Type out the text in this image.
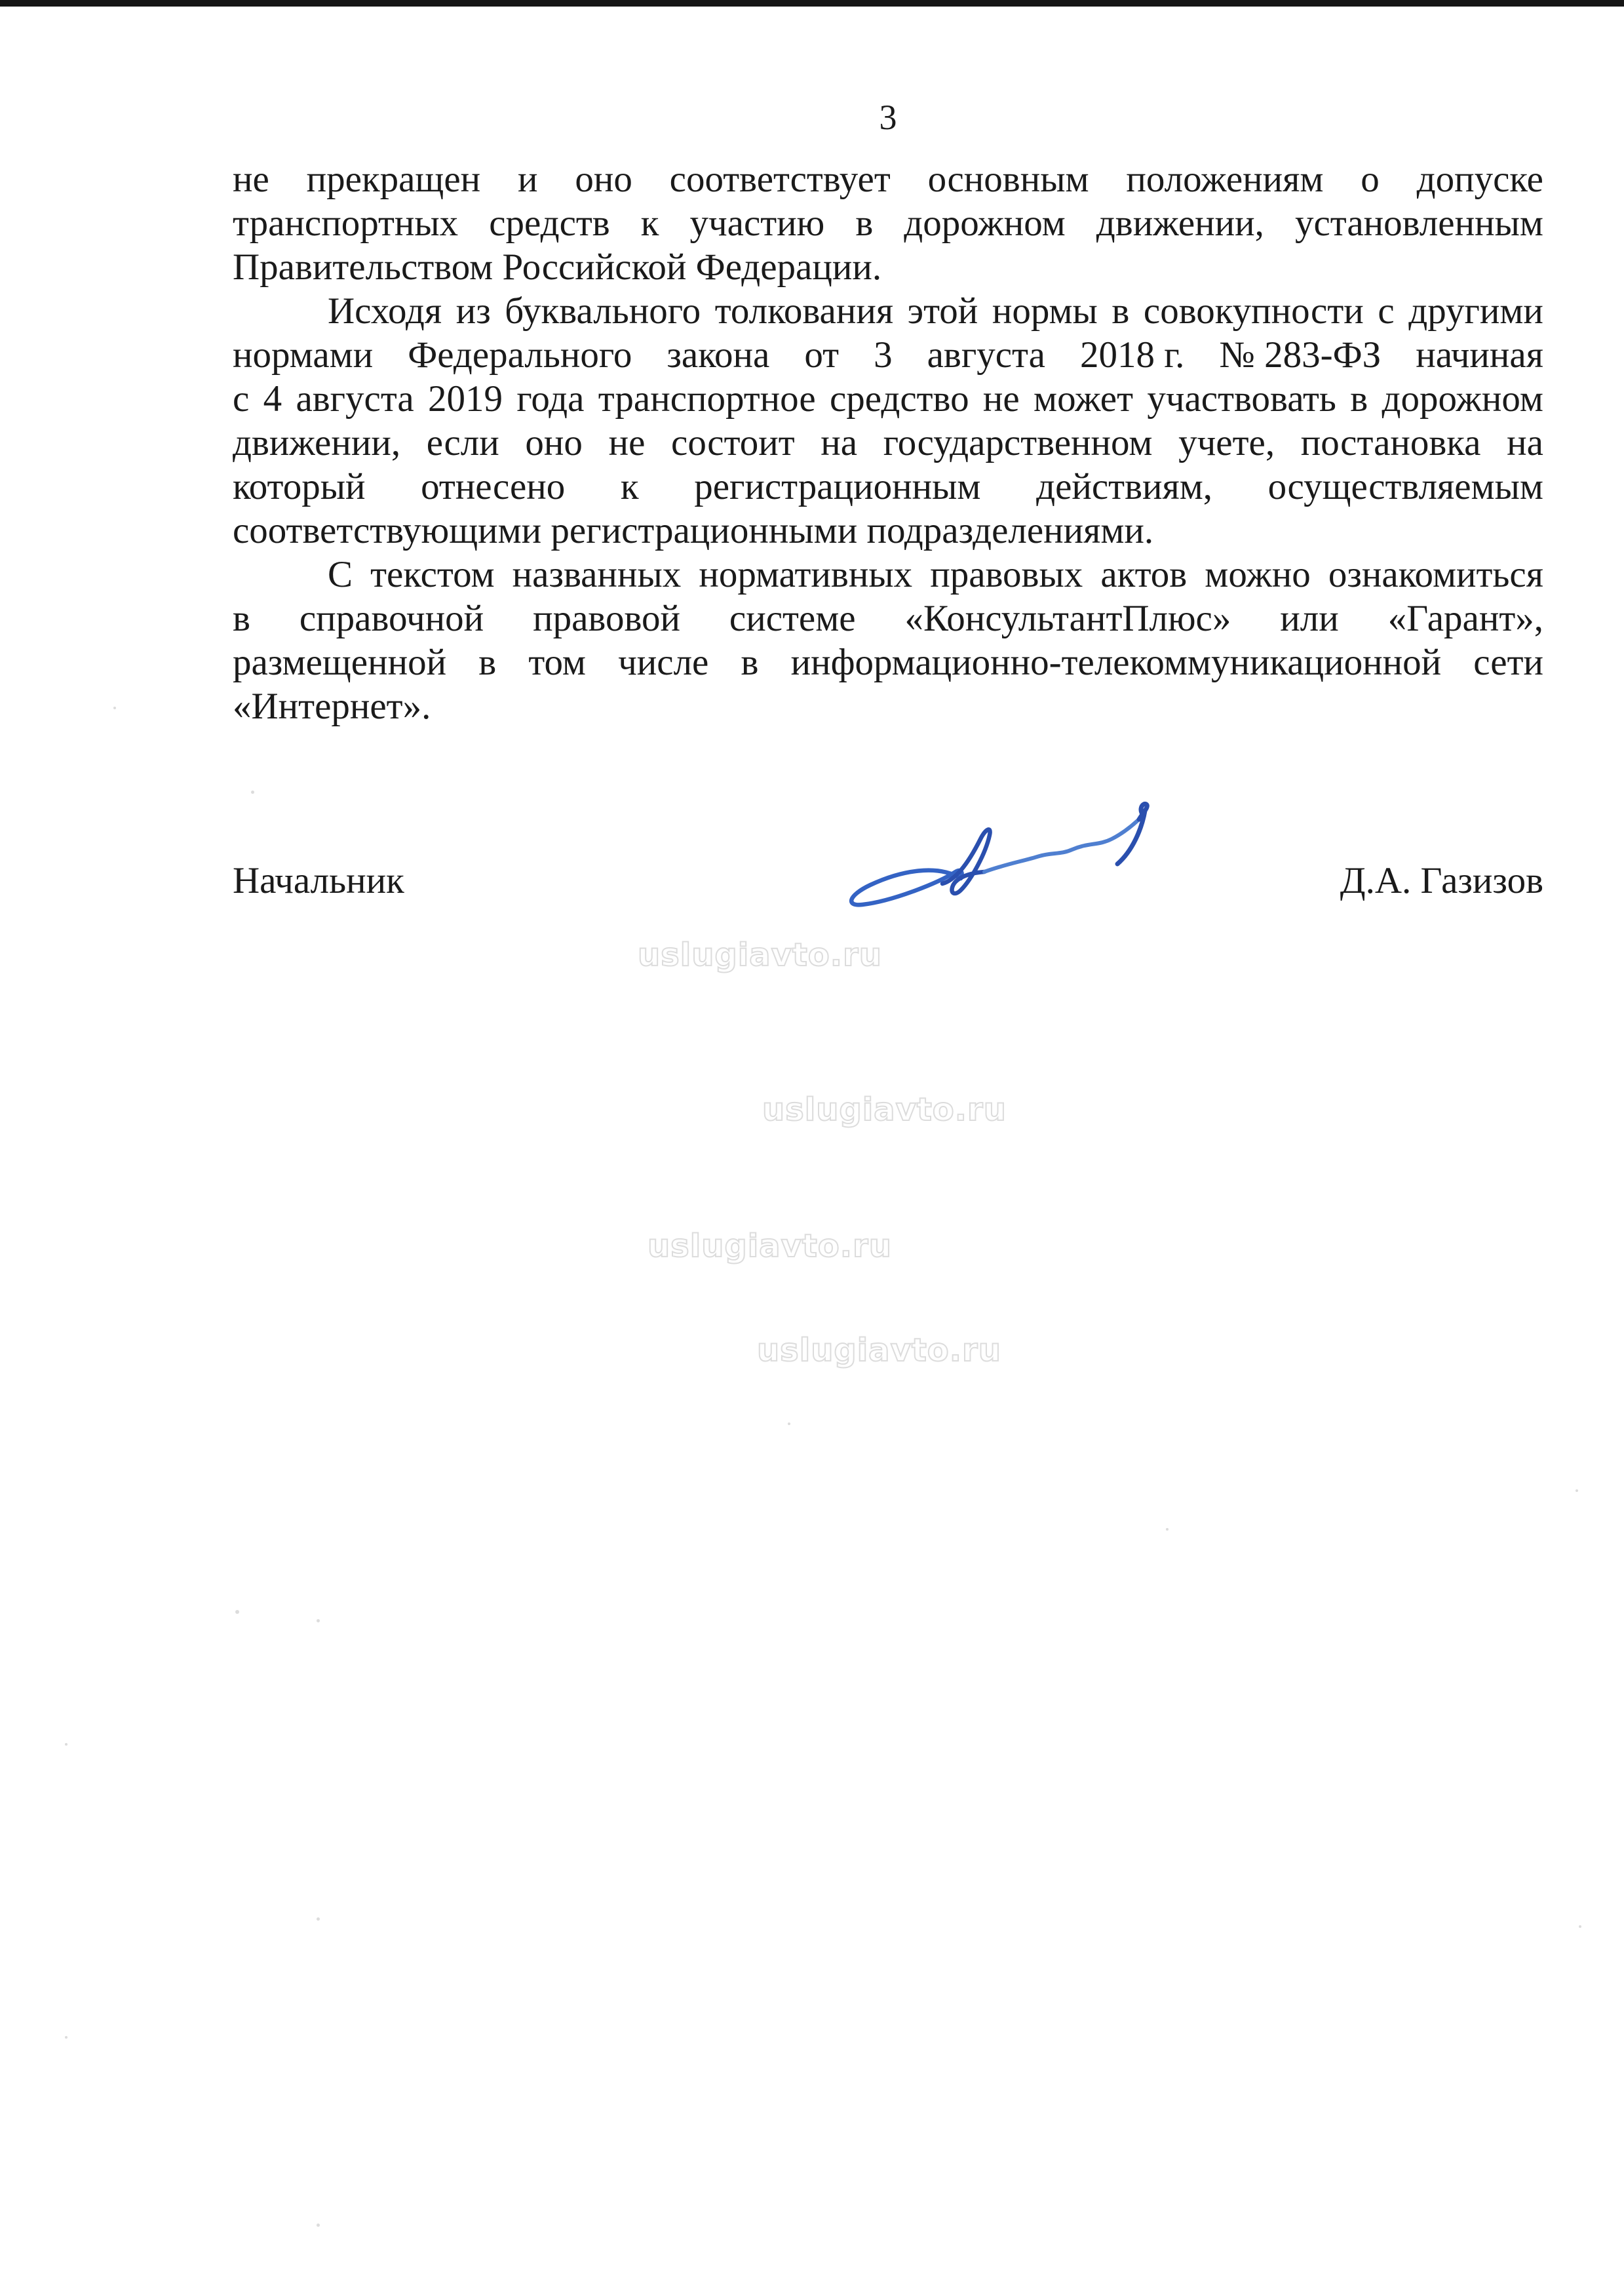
3
не прекращен и оно соответствует основным положениям о допуске
транспортных средств к участию в дорожном движении, установленным
Правительством Российской Федерации.
Исходя из буквального толкования этой нормы в совокупности с другими
нормами Федерального закона от 3 августа 2018 г. № 283-ФЗ начиная
с 4 августа 2019 года транспортное средство не может участвовать в дорожном
движении, если оно не состоит на государственном учете, постановка на
который отнесено к регистрационным действиям, осуществляемым
соответствующими регистрационными подразделениями.
С текстом названных нормативных правовых актов можно ознакомиться
в справочной правовой системе «КонсультантПлюс» или «Гарант»,
размещенной в том числе в информационно-телекоммуникационной сети
«Интернет».
Начальник	Д.А. Газизов
uslugiavto.ru
uslugiavto.ru
uslugiavto.ru
uslugiavto.ru
